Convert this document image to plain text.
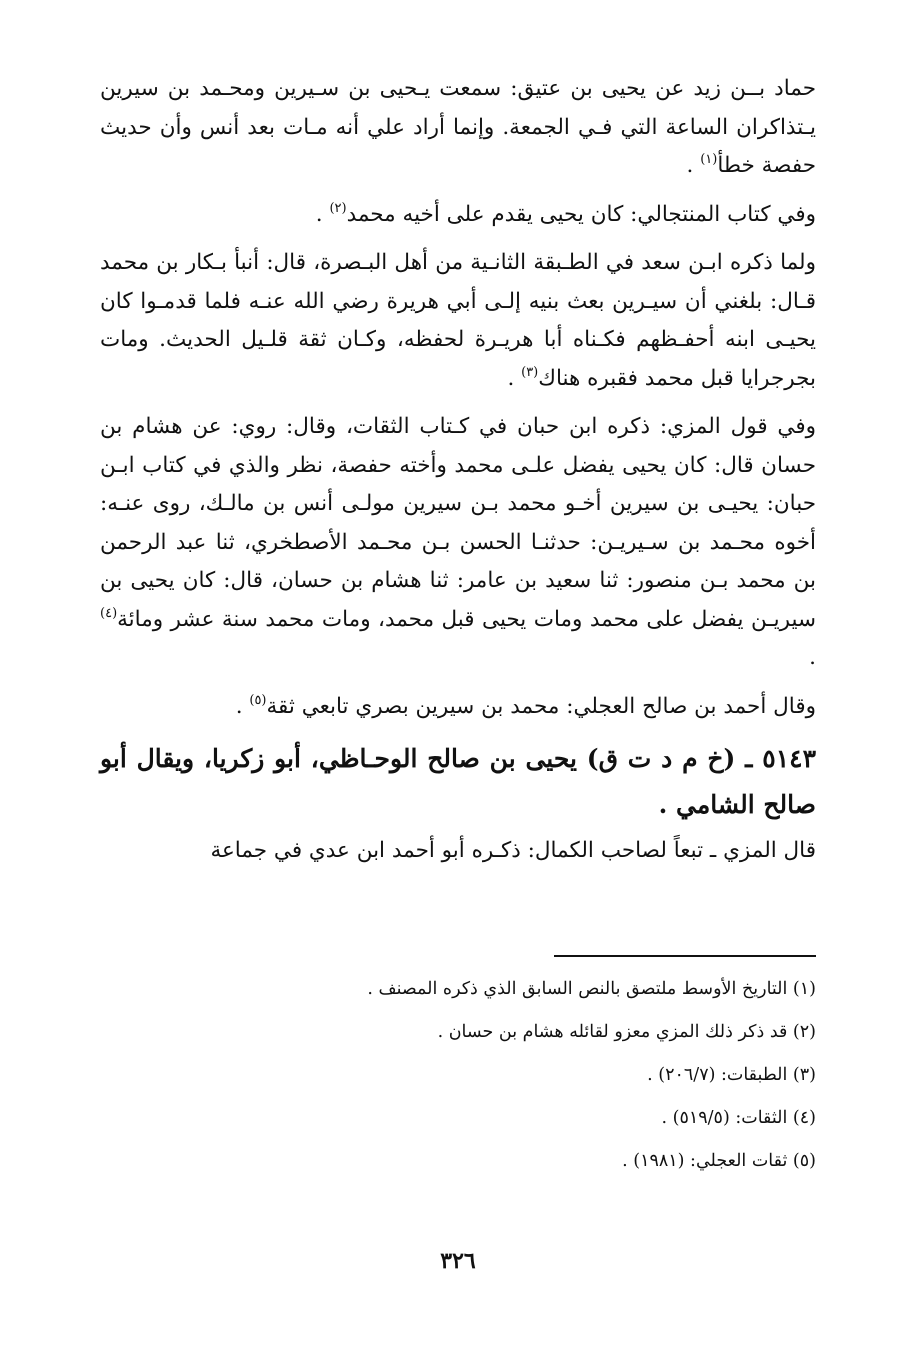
حماد بــن زيد عن يحيى بن عتيق: سمعت يـحيى بن سـيرين ومحـمد بن سيرين يـتذاكران الساعة التي فـي الجمعة. وإنما أراد علي أنه مـات بعد أنس وأن حديث حفصة خطأ$^{(١)}$ .

وفي كتاب المنتجالي: كان يحيى يقدم على أخيه محمد$^{(٢)}$ .

ولما ذكره ابـن سعد في الطـبقة الثانـية من أهل البـصرة، قال: أنبأ بـكار بن محمد قـال: بلغني أن سيـرين بعث بنيه إلـى أبي هريرة رضي الله عنـه فلما قدمـوا كان يحيـى ابنه أحفـظهم فكـناه أبا هريـرة لحفظه، وكـان ثقة قلـيل الحديث. ومات بجرجرايا قبل محمد فقبره هناك$^{(٣)}$ .

وفي قول المزي: ذكره ابن حبان في كـتاب الثقات، وقال: روي: عن هشام بن حسان قال: كان يحيى يفضل علـى محمد وأخته حفصة، نظر والذي في كتاب ابـن حبان: يحيـى بن سيرين أخـو محمد بـن سيرين مولـى أنس بن مالـك، روى عنـه: أخوه محـمد بن سـيريـن: حدثنـا الحسن بـن محـمد الأصطخري، ثنا عبد الرحمن بن محمد بـن منصور: ثنا سعيد بن عامر: ثنا هشام بن حسان، قال: كان يحيى بن سيريـن يفضل على محمد ومات يحيى قبل محمد، ومات محمد سنة عشر ومائة$^{(٤)}$ .

وقال أحمد بن صالح العجلي: محمد بن سيرين بصري تابعي ثقة$^{(٥)}$ .

٥١٤٣ ـ (خ م د ت ق) يحيى بن صالح الوحـاظي، أبو زكريا، ويقال أبو صالح الشامي .

قال المزي ـ تبعاً لصاحب الكمال: ذكـره أبو أحمد ابن عدي في جماعة

(١) التاريخ الأوسط ملتصق بالنص السابق الذي ذكره المصنف .

(٢) قد ذكر ذلك المزي معزو لقائله هشام بن حسان .

(٣) الطبقات: (٢٠٦/٧) .

(٤) الثقات: (٥١٩/٥) .

(٥) ثقات العجلي: (١٩٨١) .

٣٢٦
